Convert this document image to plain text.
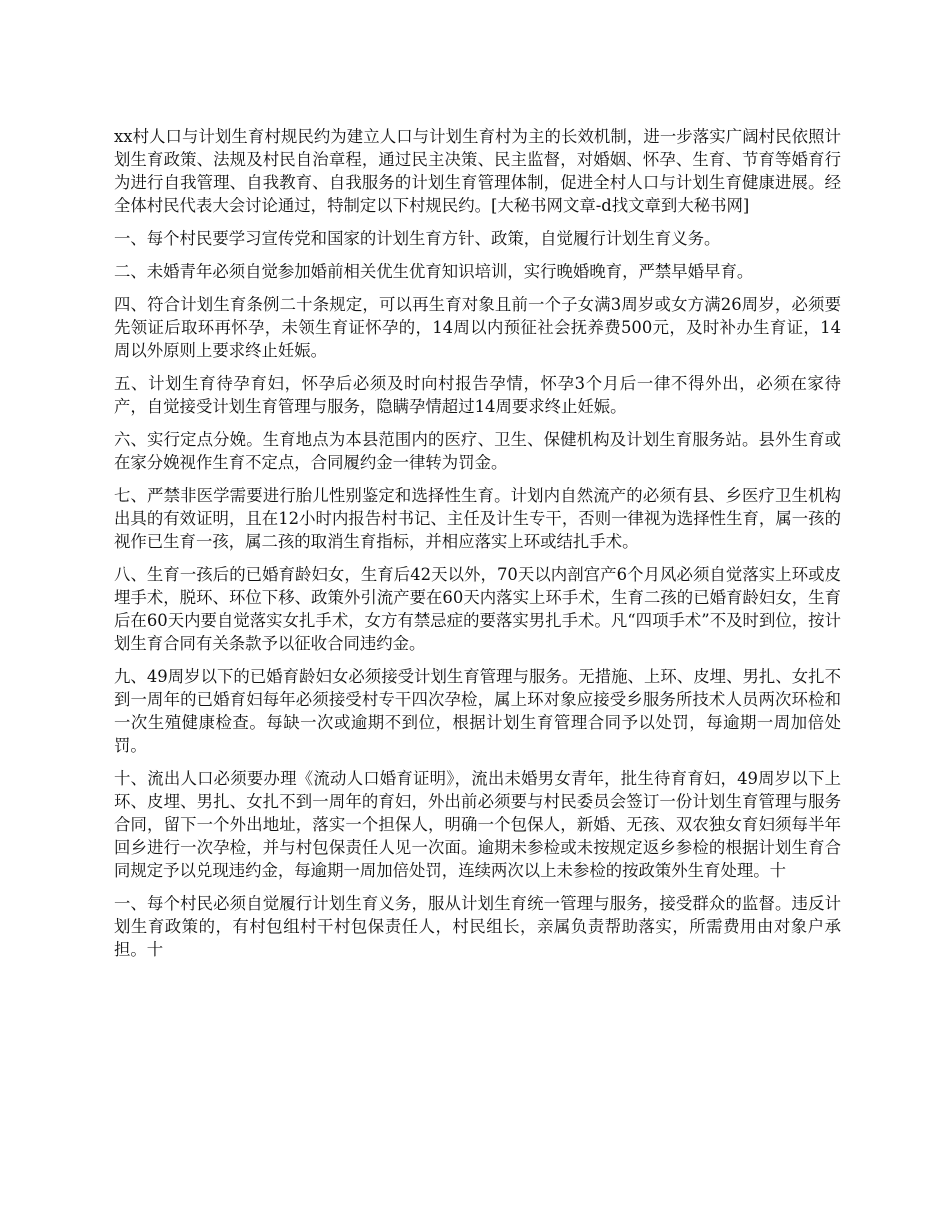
xx村人口与计划生育村规民约为建立人口与计划生育村为主的长效机制，进一步落实广阔村民依照计划生育政策、法规及村民自治章程，通过民主决策、民主监督，对婚姻、怀孕、生育、节育等婚育行为进行自我管理、自我教育、自我服务的计划生育管理体制，促进全村人口与计划生育健康进展。经全体村民代表大会讨论通过，特制定以下村规民约。[大秘书网文章-d找文章到大秘书网]

一、每个村民要学习宣传党和国家的计划生育方针、政策，自觉履行计划生育义务。

二、未婚青年必须自觉参加婚前相关优生优育知识培训，实行晚婚晚育，严禁早婚早育。

四、符合计划生育条例二十条规定，可以再生育对象且前一个子女满3周岁或女方满26周岁，必须要先领证后取环再怀孕，未领生育证怀孕的，14周以内预征社会抚养费500元，及时补办生育证，14周以外原则上要求终止妊娠。

五、计划生育待孕育妇，怀孕后必须及时向村报告孕情，怀孕3个月后一律不得外出，必须在家待产，自觉接受计划生育管理与服务，隐瞒孕情超过14周要求终止妊娠。

六、实行定点分娩。生育地点为本县范围内的医疗、卫生、保健机构及计划生育服务站。县外生育或在家分娩视作生育不定点，合同履约金一律转为罚金。

七、严禁非医学需要进行胎儿性别鉴定和选择性生育。计划内自然流产的必须有县、乡医疗卫生机构出具的有效证明，且在12小时内报告村书记、主任及计生专干，否则一律视为选择性生育，属一孩的视作已生育一孩，属二孩的取消生育指标，并相应落实上环或结扎手术。

八、生育一孩后的已婚育龄妇女，生育后42天以外，70天以内剖宫产6个月风必须自觉落实上环或皮埋手术，脱环、环位下移、政策外引流产要在60天内落实上环手术，生育二孩的已婚育龄妇女，生育后在60天内要自觉落实女扎手术，女方有禁忌症的要落实男扎手术。凡“四项手术”不及时到位，按计划生育合同有关条款予以征收合同违约金。

九、49周岁以下的已婚育龄妇女必须接受计划生育管理与服务。无措施、上环、皮埋、男扎、女扎不到一周年的已婚育妇每年必须接受村专干四次孕检，属上环对象应接受乡服务所技术人员两次环检和一次生殖健康检查。每缺一次或逾期不到位，根据计划生育管理合同予以处罚，每逾期一周加倍处罚。

十、流出人口必须要办理《流动人口婚育证明》，流出未婚男女青年，批生待育育妇，49周岁以下上环、皮埋、男扎、女扎不到一周年的育妇，外出前必须要与村民委员会签订一份计划生育管理与服务合同，留下一个外出地址，落实一个担保人，明确一个包保人，新婚、无孩、双农独女育妇须每半年回乡进行一次孕检，并与村包保责任人见一次面。逾期未参检或未按规定返乡参检的根据计划生育合同规定予以兑现违约金，每逾期一周加倍处罚，连续两次以上未参检的按政策外生育处理。十

一、每个村民必须自觉履行计划生育义务，服从计划生育统一管理与服务，接受群众的监督。违反计划生育政策的，有村包组村干村包保责任人，村民组长，亲属负责帮助落实，所需费用由对象户承担。十
